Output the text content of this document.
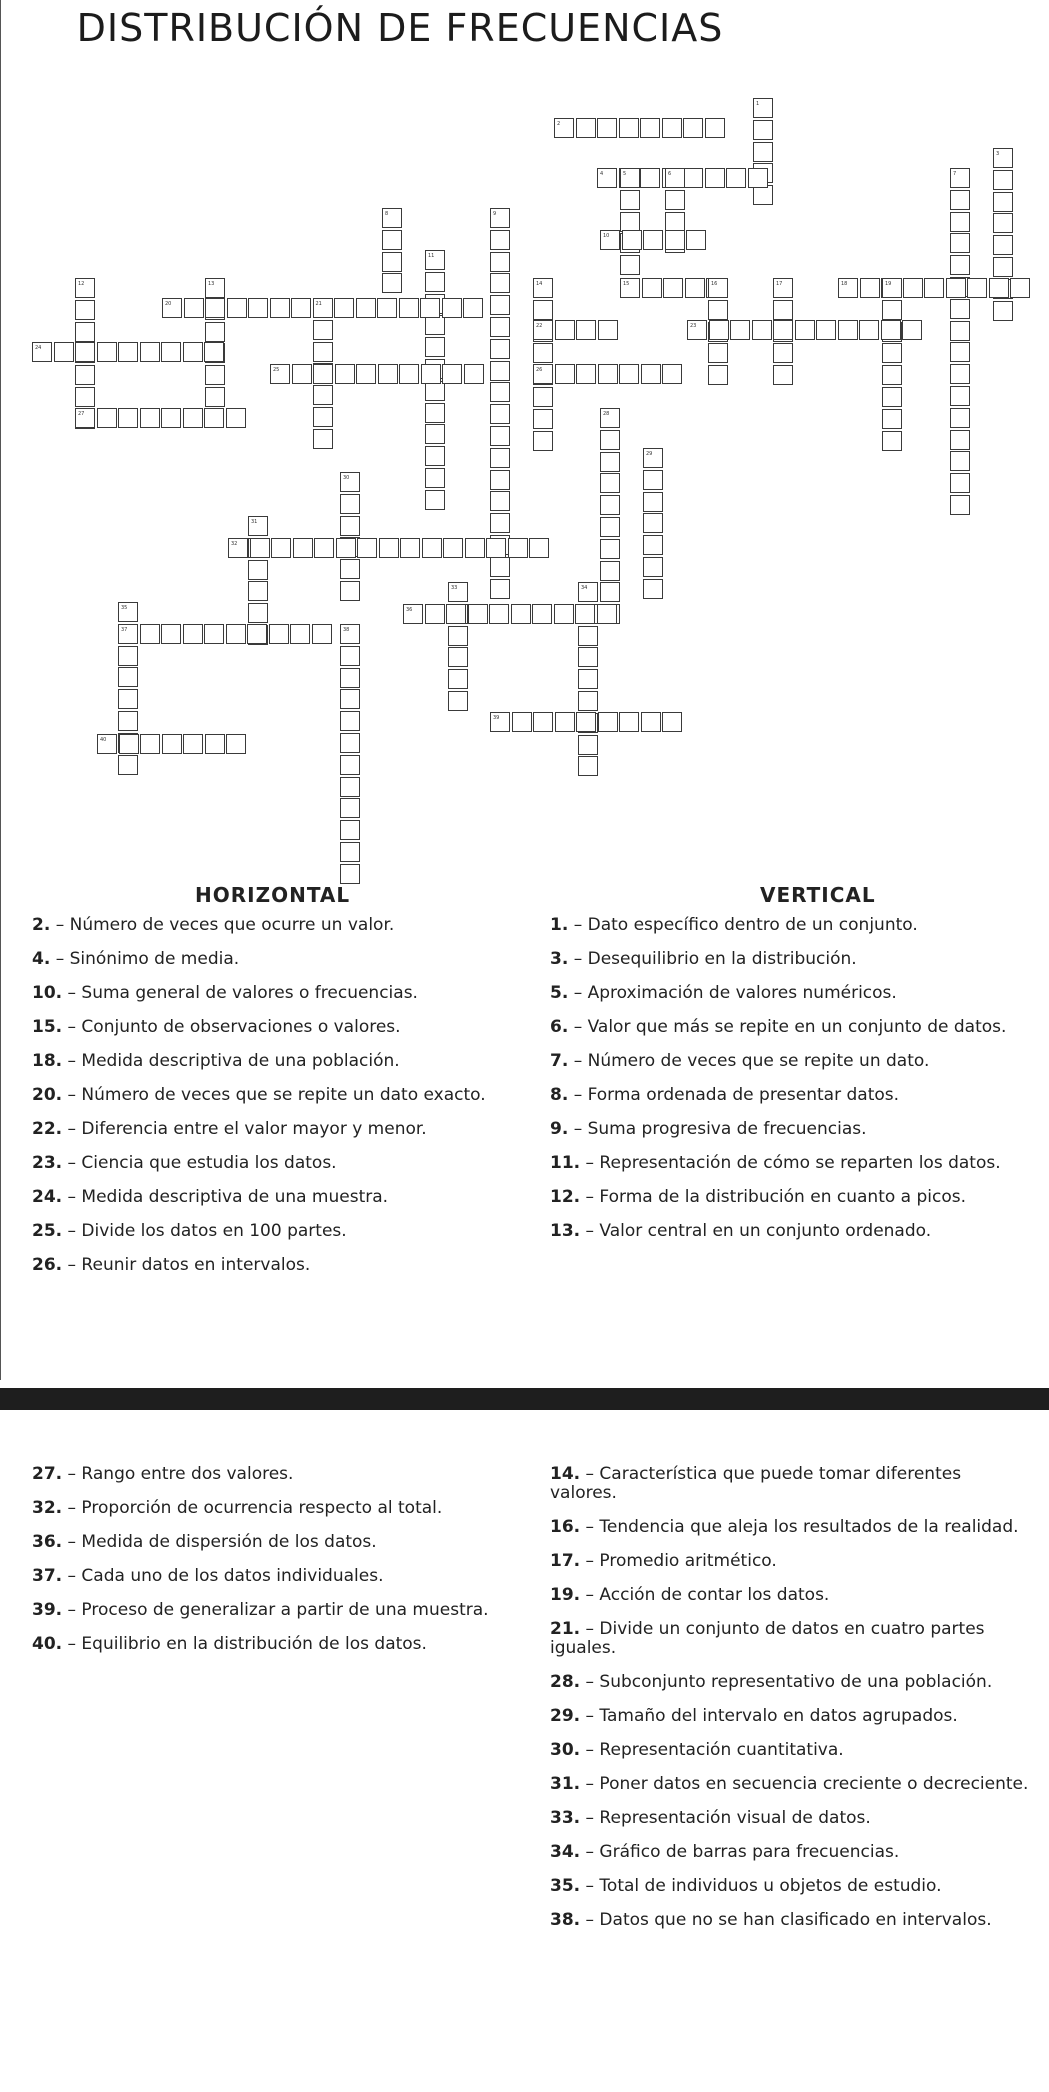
DISTRIBUCIÓN DE FRECUENCIAS
1
2
3
4	5	6	7
8	9
10
11
12	13	14	15	16	17	18	19
20	21
22	23
24
25	26
27	28
29
30
31
32
33	34
35
37
36
38
39
40
HORIZONTAL	VERTICAL
2. – Número de veces que ocurre un valor.
4. – Sinónimo de media.
10. – Suma general de valores o frecuencias.
15. – Conjunto de observaciones o valores.
18. – Medida descriptiva de una población.
20. – Número de veces que se repite un dato exacto.
22. – Diferencia entre el valor mayor y menor.
23. – Ciencia que estudia los datos.
24. – Medida descriptiva de una muestra.
25. – Divide los datos en 100 partes.
26. – Reunir datos en intervalos.
1. – Dato específico dentro de un conjunto.
3. – Desequilibrio en la distribución.
5. – Aproximación de valores numéricos.
6. – Valor que más se repite en un conjunto de datos.
7. – Número de veces que se repite un dato.
8. – Forma ordenada de presentar datos.
9. – Suma progresiva de frecuencias.
11. – Representación de cómo se reparten los datos.
12. – Forma de la distribución en cuanto a picos.
13. – Valor central en un conjunto ordenado.
27. – Rango entre dos valores.
32. – Proporción de ocurrencia respecto al total.
36. – Medida de dispersión de los datos.
37. – Cada uno de los datos individuales.
39. – Proceso de generalizar a partir de una muestra.
40. – Equilibrio en la distribución de los datos.
14. – Característica que puede tomar diferentes valores.
16. – Tendencia que aleja los resultados de la realidad.
17. – Promedio aritmético.
19. – Acción de contar los datos.
21. – Divide un conjunto de datos en cuatro partes iguales.
28. – Subconjunto representativo de una población.
29. – Tamaño del intervalo en datos agrupados.
30. – Representación cuantitativa.
31. – Poner datos en secuencia creciente o decreciente.
33. – Representación visual de datos.
34. – Gráfico de barras para frecuencias.
35. – Total de individuos u objetos de estudio.
38. – Datos que no se han clasificado en intervalos.
